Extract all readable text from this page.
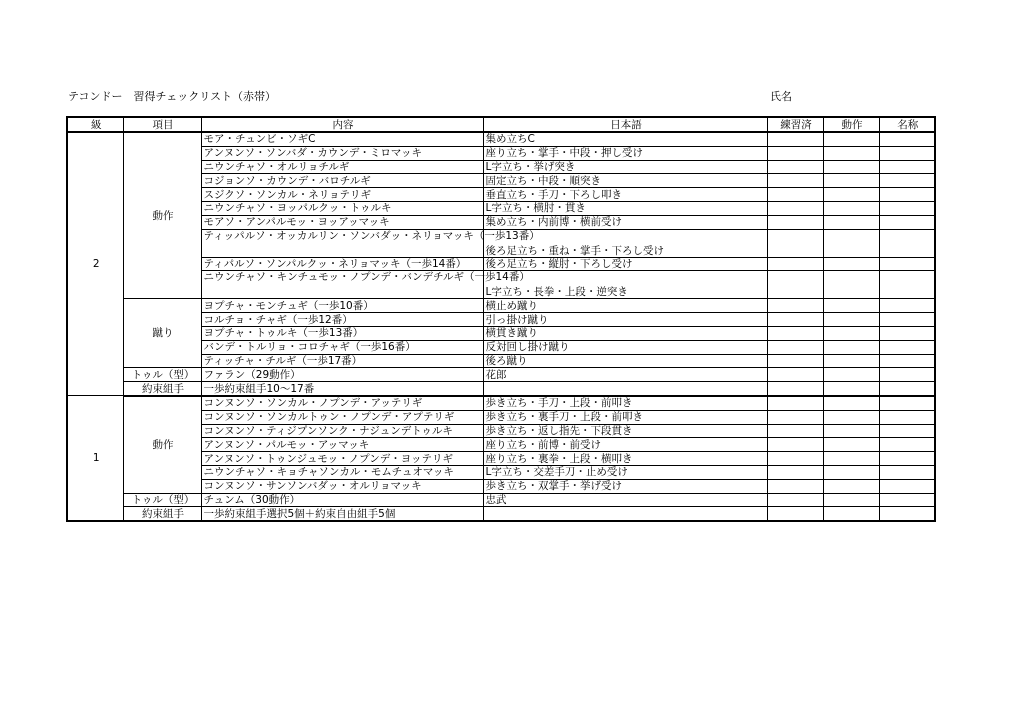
テコンドー　習得チェックリスト（赤帯）	氏名
級	項目	内容	日本語	練習済	動作	名称
2	動作	モア・チュンビ・ソギC	集め立ちC			
		アンヌンソ・ソンバダ・カウンデ・ミロマッキ	座り立ち・掌手・中段・押し受け			
		ニウンチャソ・オルリョチルギ	L字立ち・挙げ突き			
		コジョンソ・カウンデ・バロチルギ	固定立ち・中段・順突き			
		スジクソ・ソンカル・ネリョテリギ	垂直立ち・手刀・下ろし叩き			
		ニウンチャソ・ヨッパルクッ・トゥルキ	L字立ち・横肘・貫き			
		モアソ・アンパルモッ・ヨッアッマッキ	集め立ち・内前博・横前受け			
		ティッパルソ・オッカルリン・ソンバダッ・ネリョマッキ（一歩13番）	後ろ足立ち・重ね・掌手・下ろし受け			
		ティパルソ・ソンパルクッ・ネリョマッキ（一歩14番）	後ろ足立ち・縦肘・下ろし受け			
		ニウンチャソ・キンチュモッ・ノプンデ・バンデチルギ（一歩14番）	L字立ち・長拳・上段・逆突き			
	蹴り	ヨプチャ・モンチュギ（一歩10番）	横止め蹴り			
		コルチョ・チャギ（一歩12番）	引っ掛け蹴り			
		ヨプチャ・トゥルキ（一歩13番）	横貫き蹴り			
		バンデ・トルリョ・コロチャギ（一歩16番）	反対回し掛け蹴り			
		ティッチャ・チルギ（一歩17番）	後ろ蹴り			
	トゥル（型）	ファラン（29動作）	花郎			
	約束組手	一歩約束組手10〜17番				
1	動作	コンヌンソ・ソンカル・ノプンデ・アッテリギ	歩き立ち・手刀・上段・前叩き			
		コンヌンソ・ソンカルトゥン・ノプンデ・アプテリギ	歩き立ち・裏手刀・上段・前叩き			
		コンヌンソ・ティジプンソンク・ナジュンデトゥルキ	歩き立ち・返し指先・下段貫き			
		アンヌンソ・パルモッ・アッマッキ	座り立ち・前博・前受け			
		アンヌンソ・トゥンジュモッ・ノプンデ・ヨッテリギ	座り立ち・裏拳・上段・横叩き			
		ニウンチャソ・キョチャソンカル・モムチュオマッキ	L字立ち・交差手刀・止め受け			
		コンヌンソ・サンソンバダッ・オルリョマッキ	歩き立ち・双掌手・挙げ受け			
	トゥル（型）	チュンム（30動作）	忠武			
	約束組手	一歩約束組手選択5個＋約束自由組手5個				
